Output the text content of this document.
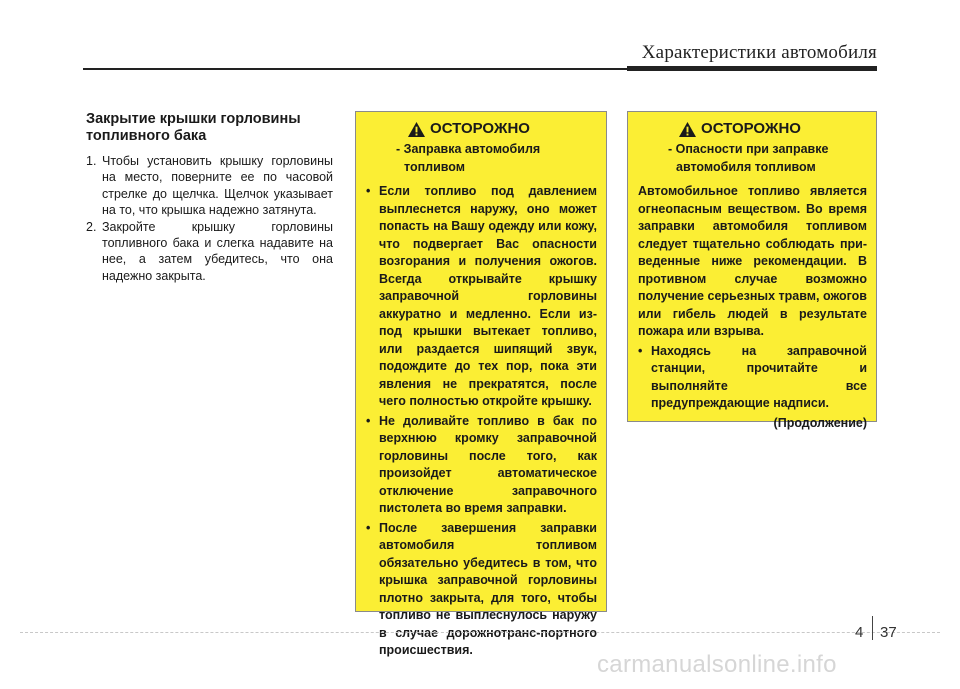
Характеристики автомобиля
Закрытие крышки горловины топливного бака
1. Чтобы установить крышку горловины на место, поверните ее по часовой стрелке до щелчка. Щелчок указывает на то, что крышка надежно затянута.
2. Закройте крышку горловины топливного бака и слегка надавите на нее, а затем убедитесь, что она надежно закрыта.
ОСТОРОЖНО
- Заправка автомобиля топливом
• Если топливо под давлением выплеснется наружу, оно может попасть на Вашу одежду или кожу, что подвергает Вас опасности возгорания и получения ожогов. Всегда открывайте крышку заправочной горловины аккуратно и медленно. Если из-под крышки вытекает топливо, или раздается шипящий звук, подождите до тех пор, пока эти явления не прекратятся, после чего полностью откройте крышку.
• Не доливайте топливо в бак по верхнюю кромку заправочной горловины после того, как произойдет автоматическое отключение заправочного пистолета во время заправки.
• После завершения заправки автомобиля топливом обязательно убедитесь в том, что крышка заправочной горловины плотно закрыта, для того, чтобы топливо не выплеснулось наружу в случае дорожнотранс-портного происшествия.
ОСТОРОЖНО
- Опасности при заправке автомобиля топливом
Автомобильное топливо является огнеопасным веществом. Во время заправки автомобиля топливом следует тщательно соблюдать при-веденные ниже рекомендации. В противном случае возможно получение серьезных травм, ожогов или гибель людей в результате пожара или взрыва.
• Находясь на заправочной станции, прочитайте и выполняйте все предупреждающие надписи.
(Продолжение)
4 37
carmanualsonline.info
